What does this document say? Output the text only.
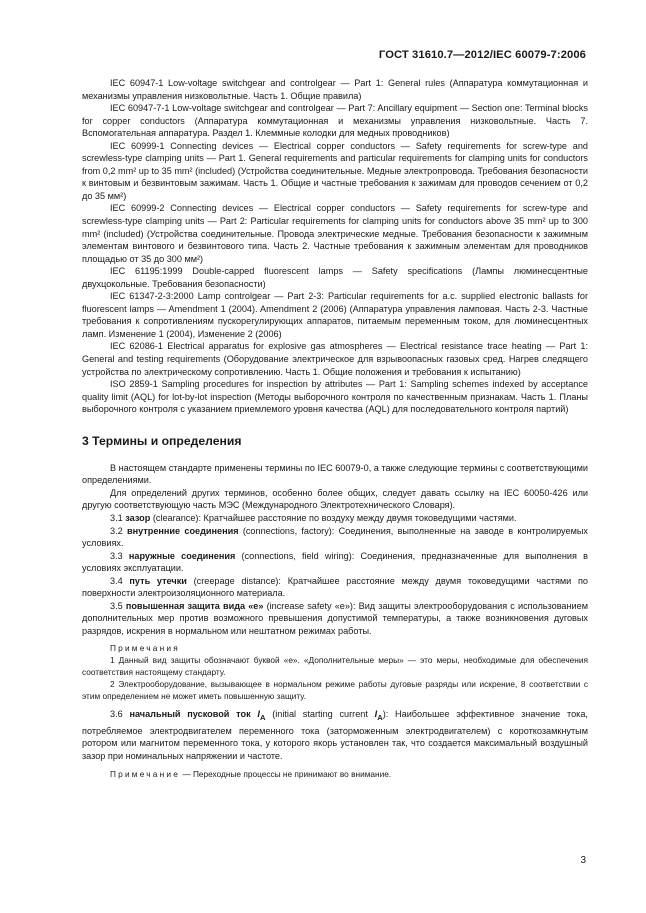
ГОСТ 31610.7—2012/IEC 60079-7:2006

IEC 60947-1 Low-voltage switchgear and controlgear — Part 1: General rules (Аппаратура коммутационная и механизмы управления низковольтные. Часть 1. Общие правила)

IEC 60947-7-1 Low-voltage switchgear and controlgear — Part 7: Ancillary equipment — Section one: Terminal blocks for copper conductors (Аппаратура коммутационная и механизмы управления низковольтные. Часть 7. Вспомогательная аппаратура. Раздел 1. Клеммные колодки для медных проводников)

IEC 60999-1 Connecting devices — Electrical copper conductors — Safety requirements for screw-type and screwless-type clamping units — Part 1. General requirements and particular requirements for clamping units for conductors from 0,2 mm² up to 35 mm² (included) (Устройства соединительные. Медные электропровода. Требования безопасности к винтовым и безвинтовым зажимам. Часть 1. Общие и частные требования к зажимам для проводов сечением от 0,2 до 35 мм²)

IEC 60999-2 Connecting devices — Electrical copper conductors — Safety requirements for screw-type and screwless-type clamping units — Part 2: Particular requirements for clamping units for conductors above 35 mm² up to 300 mm² (included) (Устройства соединительные. Провода электрические медные. Требования безопасности к зажимным элементам винтового и безвинтового типа. Часть 2. Частные требования к зажимным элементам для проводников площадью от 35 до 300 мм²)

IEC 61195:1999 Double-capped fluorescent lamps — Safety specifications (Лампы люминесцентные двухцокольные. Требования безопасности)

IEC 61347-2-3:2000 Lamp controlgear — Part 2-3: Particular requirements for a.c. supplied electronic ballasts for fluorescent lamps — Amendment 1 (2004). Amendment 2 (2006) (Аппаратура управления ламповая. Часть 2-3. Частные требования к сопротивлениям пускорегулирующих аппаратов, питаемым переменным током, для люминесцентных ламп. Изменение 1 (2004), Изменение 2 (2006)

IEC 62086-1 Electrical apparatus for explosive gas atmospheres — Electrical resistance trace heating — Part 1: General and testing requirements (Оборудование электрическое для взрывоопасных газовых сред. Нагрев следящего устройства по электрическому сопротивлению. Часть 1. Общие положения и требования к испытанию)

ISO 2859-1 Sampling procedures for inspection by attributes — Part 1: Sampling schemes indexed by acceptance quality limit (AQL) for lot-by-lot inspection (Методы выборочного контроля по качественным признакам. Часть 1. Планы выборочного контроля с указанием приемлемого уровня качества (AQL) для последовательного контроля партий)

3 Термины и определения

В настоящем стандарте применены термины по IEC 60079-0, а также следующие термины с соответствующими определениями.

Для определений других терминов, особенно более общих, следует давать ссылку на IEC 60050-426 или другую соответствующую часть МЭС (Международного Электротехнического Словаря).

3.1 зазор (clearance): Кратчайшее расстояние по воздуху между двумя токоведущими частями.

3.2 внутренние соединения (connections, factory): Соединения, выполненные на заводе в контролируемых условиях.

3.3 наружные соединения (connections, field wiring): Соединения, предназначенные для выполнения в условиях эксплуатации.

3.4 путь утечки (creepage distance): Кратчайшее расстояние между двумя токоведущими частями по поверхности электроизоляционного материала.

3.5 повышенная защита вида «е» (increase safety «e»): Вид защиты электрооборудования с использованием дополнительных мер против возможного превышения допустимой температуры, а также возникновения дуговых разрядов, искрения в нормальном или нештатном режимах работы.

Примечания

1 Данный вид защиты обозначают буквой «е». «Дополнительные меры» — это меры, необходимые для обеспечения соответствия настоящему стандарту.

2 Электрооборудование, вызывающее в нормальном режиме работы дуговые разряды или искрение, 8 соответствии с этим определением не может иметь повышенную защиту.

3.6 начальный пусковой ток $I_A$ (initial starting current $I_A$): Наибольшее эффективное значение тока, потребляемое электродвигателем переменного тока (заторможенным электродвигателем) с короткозамкнутым ротором или магнитом переменного тока, у которого якорь установлен так, что создается максимальный воздушный зазор при номинальных напряжении и частоте.

Примечание — Переходные процессы не принимают во внимание.

3
